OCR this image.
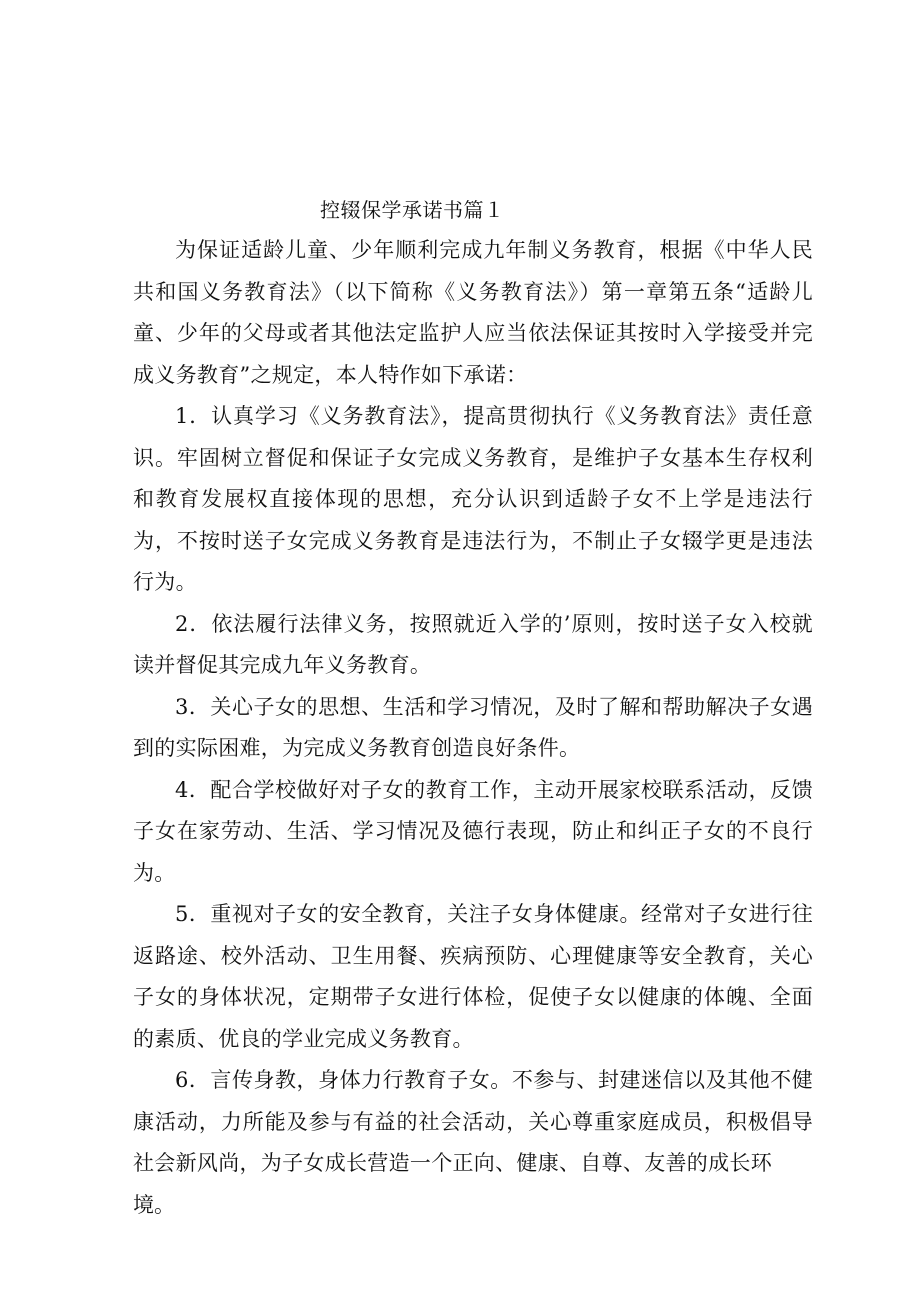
控辍保学承诺书篇１

为保证适龄儿童、少年顺利完成九年制义务教育，根据《中华人民共和国义务教育法》（以下简称《义务教育法》）第一章第五条“适龄儿童、少年的父母或者其他法定监护人应当依法保证其按时入学接受并完成义务教育”之规定，本人特作如下承诺：

1．认真学习《义务教育法》，提高贯彻执行《义务教育法》责任意识。牢固树立督促和保证子女完成义务教育，是维护子女基本生存权利和教育发展权直接体现的思想，充分认识到适龄子女不上学是违法行为，不按时送子女完成义务教育是违法行为，不制止子女辍学更是违法行为。

2．依法履行法律义务，按照就近入学的’原则，按时送子女入校就读并督促其完成九年义务教育。

3．关心子女的思想、生活和学习情况，及时了解和帮助解决子女遇到的实际困难，为完成义务教育创造良好条件。

4．配合学校做好对子女的教育工作，主动开展家校联系活动，反馈子女在家劳动、生活、学习情况及德行表现，防止和纠正子女的不良行为。

5．重视对子女的安全教育，关注子女身体健康。经常对子女进行往返路途、校外活动、卫生用餐、疾病预防、心理健康等安全教育，关心子女的身体状况，定期带子女进行体检，促使子女以健康的体魄、全面的素质、优良的学业完成义务教育。

6．言传身教，身体力行教育子女。不参与、封建迷信以及其他不健康活动，力所能及参与有益的社会活动，关心尊重家庭成员，积极倡导社会新风尚，为子女成长营造一个正向、健康、自尊、友善的成长环

境。
